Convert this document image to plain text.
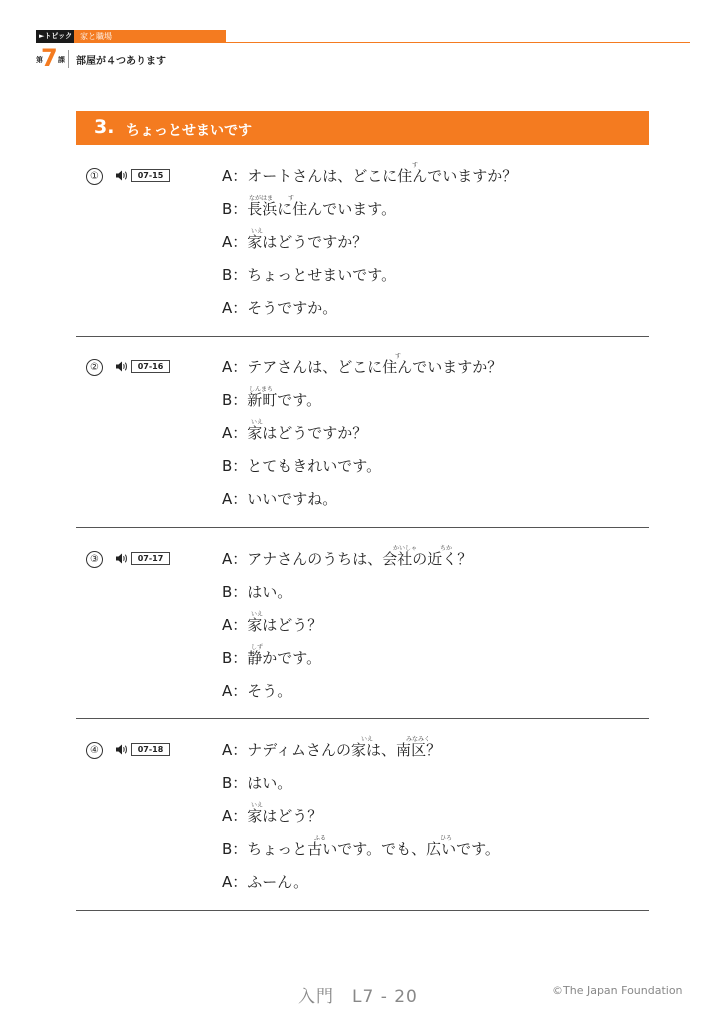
►トピック 家と職場
第
7 課 部屋が４つあります
3. ちょっとせまいです
①	07-15
す
A：オートさんは、どこに住んでいますか？
ながはま す
B：長浜に住んでいます。
いえ
A：家はどうですか？
B：ちょっとせまいです。
A：そうですか。
②	07-16
す
A：テアさんは、どこに住んでいますか？
しんまち
B：新町です。
いえ
A：家はどうですか？
B：とてもきれいです。
A：いいですね。
③	07-17
かいしゃ	ちか
A：アナさんのうちは、会社の近く？
B：はい。
いえ
A：家はどう？
しず
B：静かです。
A：そう。
④	07-18
いえ	みなみく
A：ナディムさんの家は、南区？
B：はい。
いえ
A：家はどう？
ふる	ひろ
B：ちょっと古いです。でも、広いです。
A：ふーん。
入門　L7 - 20	©The Japan Foundation
